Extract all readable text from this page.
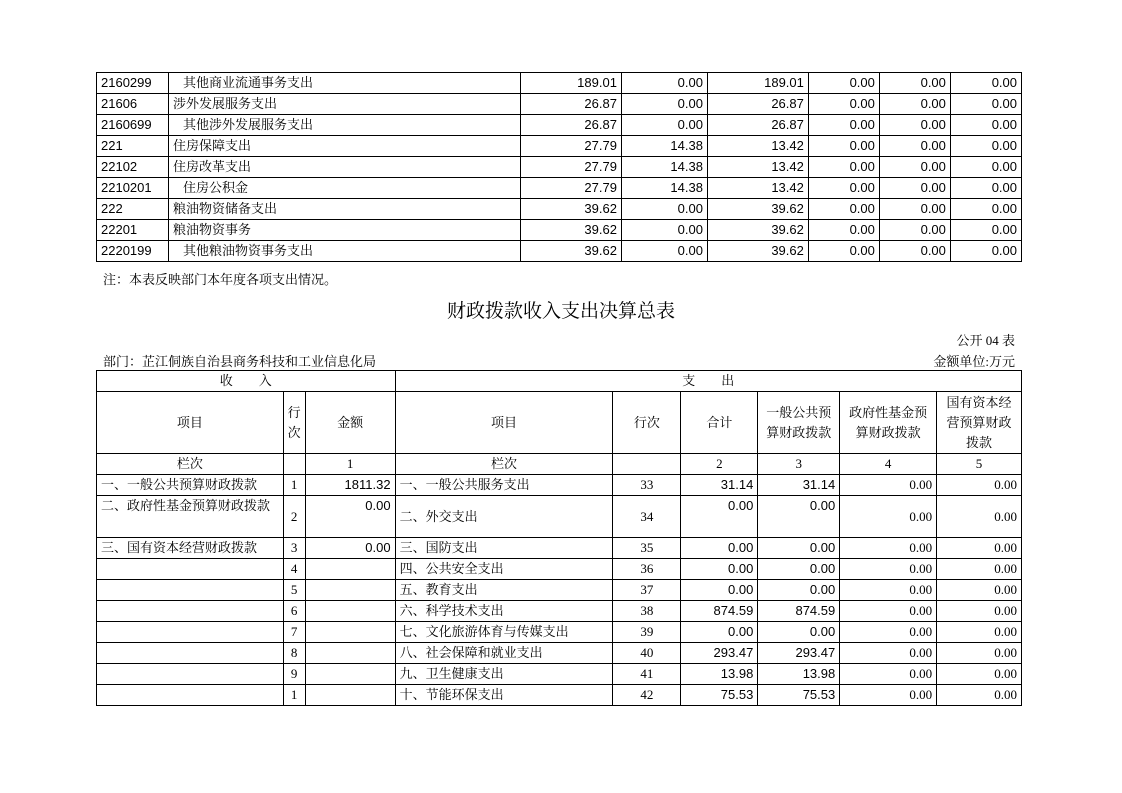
2160299	其他商业流通事务支出	189.01	0.00	189.01	0.00	0.00	0.00
21606	涉外发展服务支出	26.87	0.00	26.87	0.00	0.00	0.00
2160699	其他涉外发展服务支出	26.87	0.00	26.87	0.00	0.00	0.00
221	住房保障支出	27.79	14.38	13.42	0.00	0.00	0.00
22102	住房改革支出	27.79	14.38	13.42	0.00	0.00	0.00
2210201	住房公积金	27.79	14.38	13.42	0.00	0.00	0.00
222	粮油物资储备支出	39.62	0.00	39.62	0.00	0.00	0.00
22201	粮油物资事务	39.62	0.00	39.62	0.00	0.00	0.00
2220199	其他粮油物资事务支出	39.62	0.00	39.62	0.00	0.00	0.00
注：本表反映部门本年度各项支出情况。
财政拨款收入支出决算总表
公开 04 表
部门：芷江侗族自治县商务科技和工业信息化局	金额单位:万元
收　　入			支　　出					
项目	行次	金额	项目	行次	合计	一般公共预算财政拨款	政府性基金预算财政拨款	国有资本经营预算财政拨款
栏次		1	栏次		2	3	4	5
一、一般公共预算财政拨款	1	1811.32	一、一般公共服务支出	33	31.14	31.14	0.00	0.00
二、政府性基金预算财政拨款	2	0.00	二、外交支出	34	0.00	0.00	0.00	0.00
三、国有资本经营财政拨款	3	0.00	三、国防支出	35	0.00	0.00	0.00	0.00
	4		四、公共安全支出	36	0.00	0.00	0.00	0.00
	5		五、教育支出	37	0.00	0.00	0.00	0.00
	6		六、科学技术支出	38	874.59	874.59	0.00	0.00
	7		七、文化旅游体育与传媒支出	39	0.00	0.00	0.00	0.00
	8		八、社会保障和就业支出	40	293.47	293.47	0.00	0.00
	9		九、卫生健康支出	41	13.98	13.98	0.00	0.00
	1		十、节能环保支出	42	75.53	75.53	0.00	0.00
